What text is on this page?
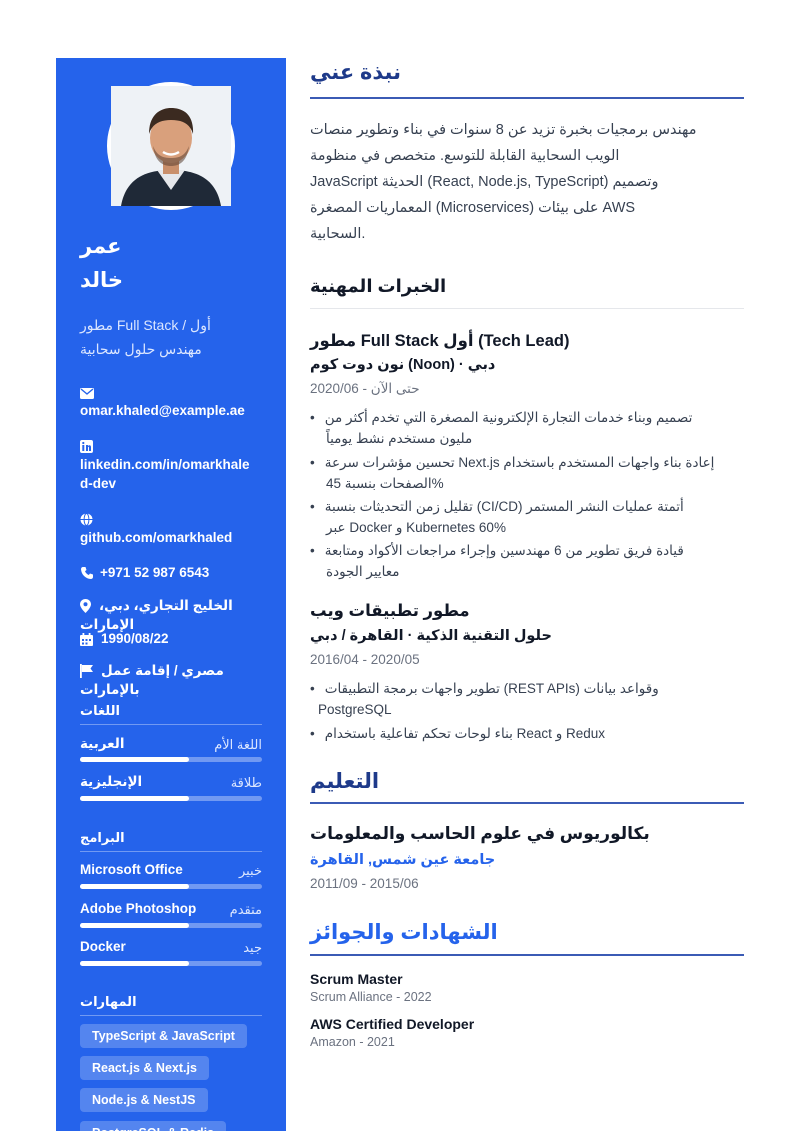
عمر
خالد
مطور Full Stack / أول
مهندس حلول سحابية
omar.khaled@example.ae
linkedin.com/in/omarkhale
d-dev
github.com/omarkhaled
+971 52 987 6543
الخليج التجاري، دبي، الإمارات
1990/08/22
مصري / إقامة عمل
بالإمارات
اللغات
العربية	اللغة الأم
الإنجليزية	طلاقة
البرامج
Microsoft Office	خبير
Adobe Photoshop	متقدم
Docker	جيد
المهارات
TypeScript & JavaScript
React.js & Next.js
Node.js & NestJS
PostgreSQL & Redis
نبذة عني
مهندس برمجيات بخبرة تزيد عن 8 سنوات في بناء وتطوير منصات
الويب السحابية القابلة للتوسع. متخصص في منظومة
JavaScript الحديثة (React, Node.js, TypeScript) وتصميم
المعماريات المصغرة (Microservices) على بيئات AWS
السحابية.
الخبرات المهنية
مطور Full Stack أول (Tech Lead)
نون دوت كوم (Noon) · دبي
2020/06 - حتى الآن
• تصميم وبناء خدمات التجارة الإلكترونية المصغرة التي تخدم أكثر من
مليون مستخدم نشط يومياً
• تحسين مؤشرات سرعة Next.js إعادة بناء واجهات المستخدم باستخدام
الصفحات بنسبة 45%
• تقليل زمن التحديثات بنسبة (CI/CD) أتمتة عمليات النشر المستمر
عبر Docker و Kubernetes 60%
• قيادة فريق تطوير من 6 مهندسين وإجراء مراجعات الأكواد ومتابعة
معايير الجودة
مطور تطبيقات ويب
حلول التقنية الذكية · القاهرة / دبي
2016/04 - 2020/05
• تطوير واجهات برمجة التطبيقات (REST APIs) وقواعد بيانات
PostgreSQL
• بناء لوحات تحكم تفاعلية باستخدام React و Redux
التعليم
بكالوريوس في علوم الحاسب والمعلومات
جامعة عين شمس, القاهرة
2011/09 - 2015/06
الشهادات والجوائز
Scrum Master
Scrum Alliance - 2022
AWS Certified Developer
Amazon - 2021
